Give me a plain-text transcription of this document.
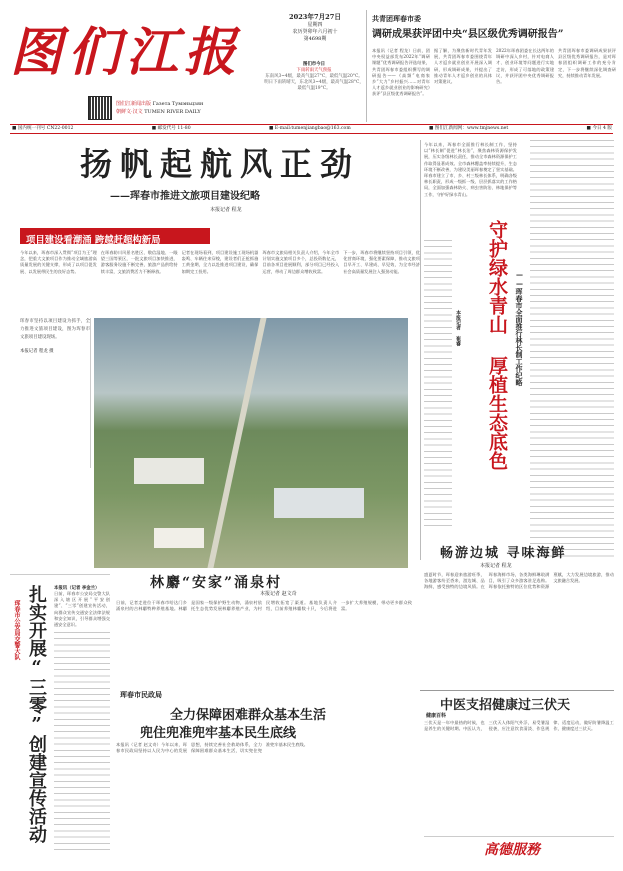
图们江报
2023年7月27日
星期四
农历癸卯年六月初十
第4698期
图们市今日
下雨转雨天气预报
东南风3~4级，最高气温27°C，最低气温20°C。明日下雨转晴天，东北风3~4级，最高气温28°C，最低气温19°C。
图们江新闻出版 Газета Тумэньцзян
朝鲜文·汉文 TUMEN RIVER DAILY
■ 国内统一刊号 CN22-0012	■ 邮发代号 11-80	■ E-mail:tumenjiangbao@163.com	■ 图们江新闻网：www.tmjnews.net	■ 今日 4 版
共青团珲春市委
调研成果获评团中央“县区级优秀调研报告”
本报讯（记者 程龙）日前，团中央权益部发布2022年“调研课题”优秀调研报告评选结果，共青团珲春市委组织撰写的调研报告——《高频”电商家乡”大力”乡村振兴……对青年人才返乡就业创业的影响研究》获评“县区级优秀调研报告”。
据了解，为聚焦新时代青年发展，共青团珲春市委围绕青年人才返乡就业创业开展深入调研，形成调研成果，并提出了推动青年人才返乡创业的具体对策建议。
2022年珲春团委在长达两年的调研中深入乡村，针对电商人才、创业环境等问题进行实地走访，形成了可落地的政策建议，并获评团中央优秀调研报告。
共青团珲春市委调研成果获评县区级优秀调研报告，是对珲春团组织调研工作的充分肯定，下一步将继续深化调查研究，持续推动青年发展。
扬帆起航风正劲
——珲春市推进文旅项目建设纪略
本报记者 程龙
项目建设看潮涌 跨越赶超构新局
今年以来，珲春市深入贯彻“项目为王”理念，把重大文旅项目作为推动全域旅游高质量发展的关键支撑，形成了以项目促发展、以发展带民生的良好态势。
在珲春防川风景名胜区、敬信湿地、一眼望三国等景区，一批文旅项目加快推进，游客服务设施不断完善，旅游产品供给持续丰富，文旅消费活力不断释放。
记者在现场看到，项目建设施工现场机器轰鸣、车辆往来穿梭，建设者们正抢抓施工黄金期，全力以赴推进项目建设，确保如期完工投用。
珲春市文旅局相关负责人介绍，今年全市计划实施文旅项目多个，总投资数亿元，目前各项目进展顺利，部分项目已经投入运营，带动了周边群众增收致富。
下一步，珲春市将继续坚持项目引领，优化营商环境，强化要素保障，推动文旅项目早开工、早建成、早见效，为全市经济社会高质量发展注入强劲动能。
珲春市坚持以项目建设为抓手，全力推进文旅项目建设，图为珲春市文旅项目建设现场。
本报记者 程龙 摄
今年以来，珲春市全面推行林长制工作，坚持以“林长制”促进“林长治”，聚焦森林资源保护发展，压实各级林长责任，推动全市森林资源保护工作取得显著成效。全市森林覆盖率持续提升，生态环境不断改善，为建设美丽珲春奠定了坚实基础。珲春市建立了市、乡、村三级林长体系，明确各级林长职责，形成一级抓一级、层层抓落实的工作格局，全面加强森林防火、病虫害防治、林地保护等工作，守护好绿水青山。
守护绿水青山 厚植生态底色 ——珲春市全面推行林长制工作纪略
本报记者 崔睿
扎实开展“三零”创建宣传活动
珲春市公安局交警大队
本报讯（记者 李金兰）
日前，珲春市公安局交警大队深入辖区开展“平安创建”、“三零”创建宣传活动，向群众宣传交通安全法律法规和安全知识，引导群众增强交通安全意识。
林麝“安家”涌泉村
本报记者 赵文奇
日前，记者走进位于珲春市哈达门乡涌泉村的吉林麝特种养殖基地。林麝是国家一级保护野生动物，涌泉村依托生态优势发展林麝养殖产业，为村民增收拓宽了渠道。基地负责人介绍，目前养殖林麝数十只，今后将进一步扩大养殖规模，带动更多群众致富。
畅游边城 寻味海鲜
本报记者 程龙
盛夏时节，珲春迎来旅游旺季，各地游客纷至沓来，游边城、品海鲜，感受独特的边境风情。在珲春海鲜市场，各类海鲜琳琅满目，吸引了众多游客驻足选购。珲春依托独特的区位优势和资源禀赋，大力发展边境旅游，推动文旅融合发展。
珲春市民政局
全力保障困难群众基本生活
兜住兜准兜牢基本民生底线
本报讯（记者 赵文奇）今年以来，珲春市民政局坚持以人民为中心的发展思想，持续完善社会救助体系，全力保障困难群众基本生活，切实兜住兜准兜牢基本民生底线。
中医支招健康过三伏天
健康百科
三伏天是一年中最热的时候，也是养生的关键时期。中医认为，三伏天人体阳气外浮，易受暑湿侵袭，应注意饮食清淡、作息规律、适度运动，做好防暑降温工作，健康度过三伏天。
高德服務
